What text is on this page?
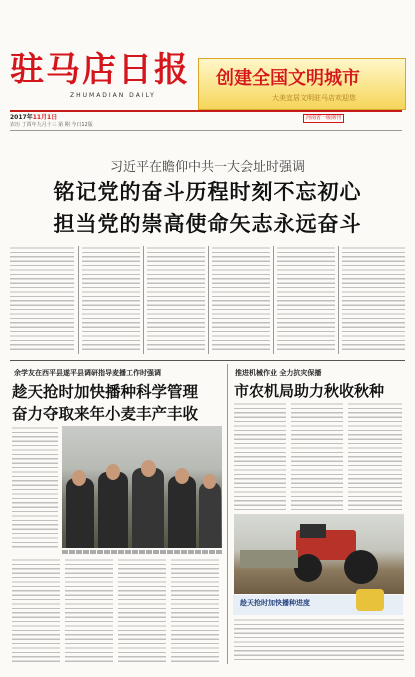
驻马店日报
ZHUMADIAN DAILY
创建全国文明城市
大美宜居文明驻马店欢迎您
2017年11月1日
农历 丁酉年九月十三 第 期 今日12版
河南省一级期刊
习近平在瞻仰中共一大会址时强调
铭记党的奋斗历程时刻不忘初心
担当党的崇高使命矢志永远奋斗
余学友在西平县遂平县调研指导麦播工作时强调
趁天抢时加快播种科学管理
奋力夺取来年小麦丰产丰收
推进机械作业 全力抗灾保播
市农机局助力秋收秋种
趁天抢时加快播种进度
